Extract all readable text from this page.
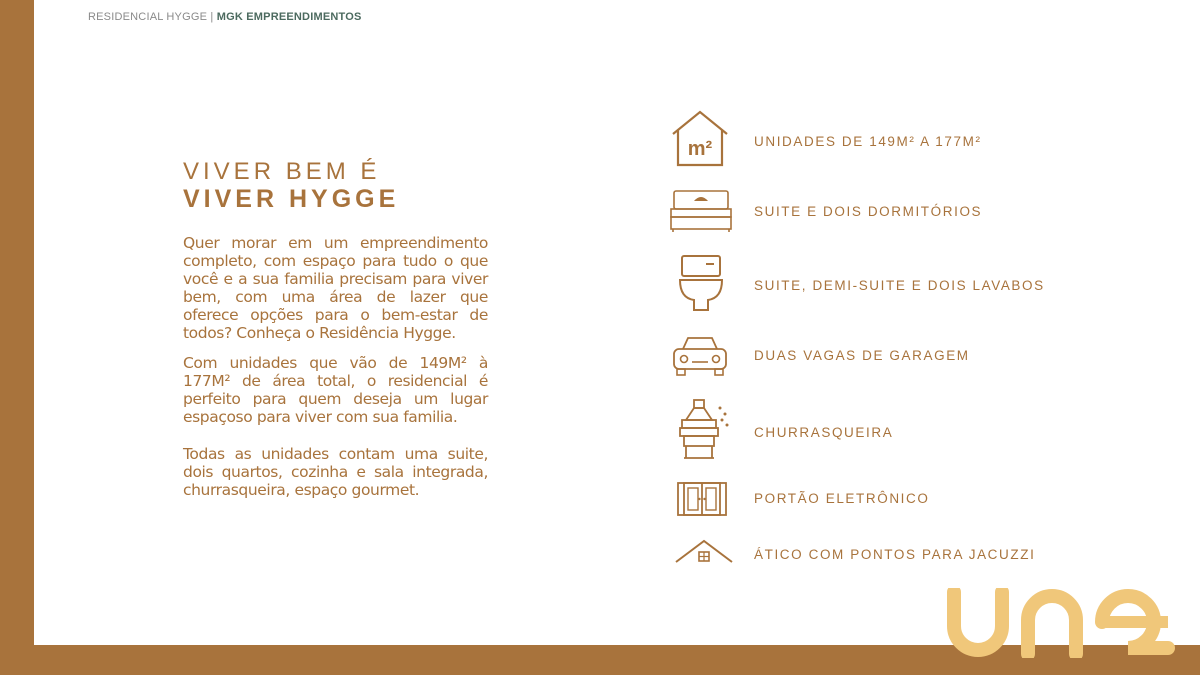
RESIDENCIAL HYGGE | MGK EMPREENDIMENTOS
VIVER BEM É
VIVER HYGGE
Quer morar em um empreendimento completo, com espaço para tudo o que você e a sua familia precisam para viver bem, com uma área de lazer que oferece opções para o bem-estar de todos? Conheça o Residência Hygge.
Com unidades que vão de 149M² à 177M² de área total, o residencial é perfeito para quem deseja um lugar espaçoso para viver com sua familia.
Todas as unidades contam uma suite, dois quartos, cozinha e sala integrada, churrasqueira, espaço gourmet.
m²	UNIDADES DE 149M² A 177M²
SUITE E DOIS DORMITÓRIOS
SUITE, DEMI-SUITE E DOIS LAVABOS
DUAS VAGAS DE GARAGEM
CHURRASQUEIRA
PORTÃO ELETRÔNICO
ÁTICO COM PONTOS PARA JACUZZI
